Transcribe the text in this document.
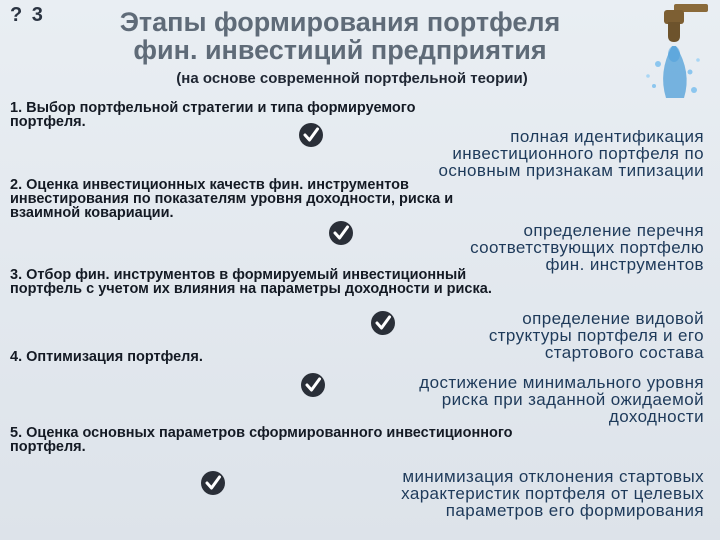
? 3	Этапы формирования портфеля
фин. инвестиций предприятия
(на основе современной портфельной теории)
1. Выбор портфельной стратегии и типа формируемого
портфеля.
полная идентификация
инвестиционного портфеля по
основным признакам типизации
2. Оценка инвестиционных качеств фин. инструментов
инвестирования по показателям уровня доходности, риска и
взаимной ковариации.
определение перечня
соответствующих портфелю
фин. инструментов
3. Отбор фин. инструментов в формируемый инвестиционный
портфель с учетом их влияния на параметры доходности и риска.
определение видовой
структуры портфеля и его
стартового состава
4. Оптимизация портфеля.
достижение минимального уровня
риска при заданной ожидаемой
доходности
5. Оценка основных параметров сформированного инвестиционного
портфеля.
минимизация отклонения стартовых
характеристик портфеля от целевых
параметров его формирования
